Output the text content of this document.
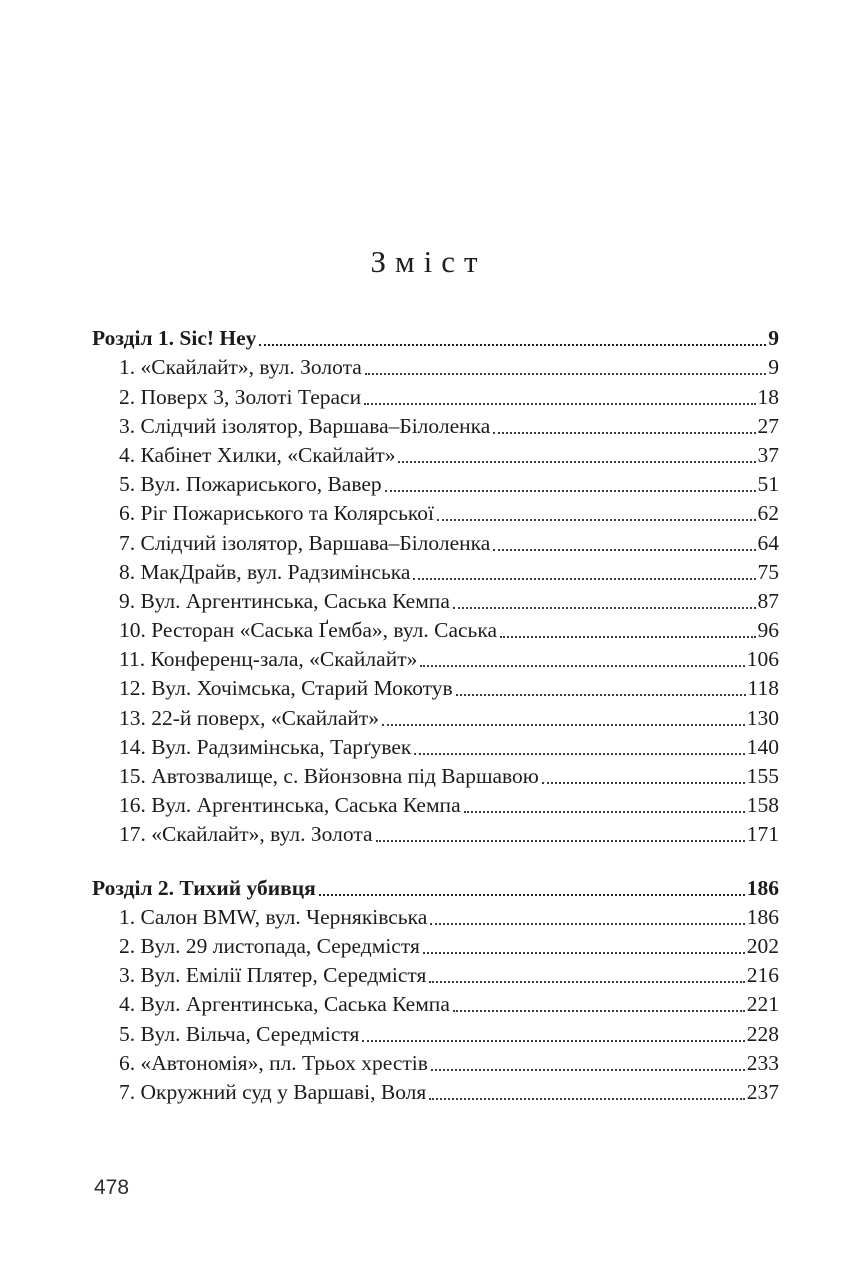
Зміст
Розділ 1. Sic! Hey	9
1. «Скайлайт», вул. Золота	9
2. Поверх 3, Золоті Тераси	18
3. Слідчий ізолятор, Варшава–Білоленка	27
4. Кабінет Хилки, «Скайлайт»	37
5. Вул. Пожариського, Вавер	51
6. Ріг Пожариського та Колярської	62
7. Слідчий ізолятор, Варшава–Білоленка	64
8. МакДрайв, вул. Радзимінська	75
9. Вул. Аргентинська, Саська Кемпа	87
10. Ресторан «Саська Ґемба», вул. Саська	96
11. Конференц-зала, «Скайлайт»	106
12. Вул. Хочімська, Старий Мокотув	118
13. 22-й поверх, «Скайлайт»	130
14. Вул. Радзимінська, Тарґувек	140
15. Автозвалище, с. Вйонзовна під Варшавою	155
16. Вул. Аргентинська, Саська Кемпа	158
17. «Скайлайт», вул. Золота	171
Розділ 2. Тихий убивця	186
1. Салон BMW, вул. Черняківська	186
2. Вул. 29 листопада, Середмістя	202
3. Вул. Емілії Плятер, Середмістя	216
4. Вул. Аргентинська, Саська Кемпа	221
5. Вул. Вільча, Середмістя	228
6. «Автономія», пл. Трьох хрестів	233
7. Окружний суд у Варшаві, Воля	237
478
